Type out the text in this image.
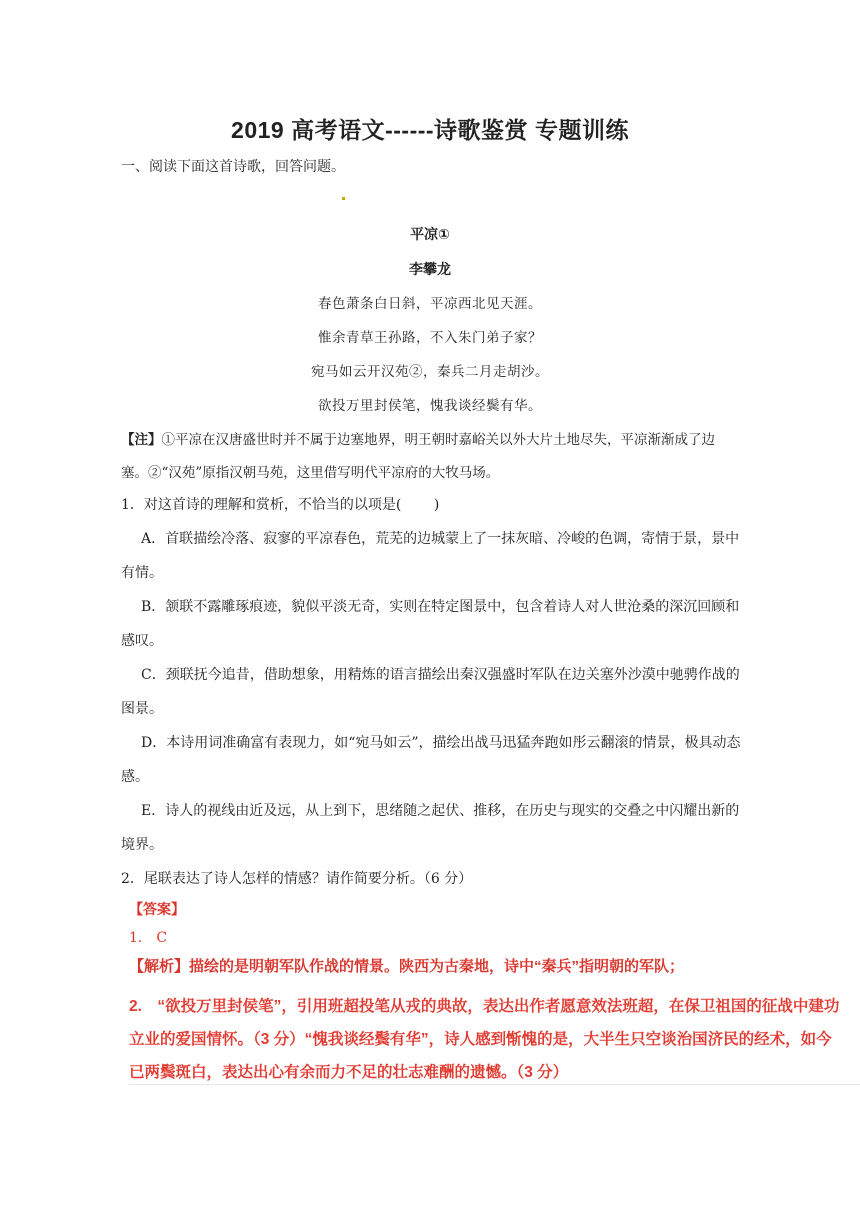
2019 高考语文------诗歌鉴赏 专题训练
一、阅读下面这首诗歌，回答问题。
平凉①
李攀龙
春色萧条白日斜，平凉西北见天涯。
惟余青草王孙路，不入朱门弟子家？
宛马如云开汉苑②，秦兵二月走胡沙。
欲投万里封侯笔，愧我谈经鬓有华。
【注】①平凉在汉唐盛世时并不属于边塞地界，明王朝时嘉峪关以外大片土地尽失，平凉渐渐成了边塞。②“汉苑”原指汉朝马苑，这里借写明代平凉府的大牧马场。
1．对这首诗的理解和赏析，不恰当的以项是(　　 )
A．首联描绘冷落、寂寥的平凉春色，荒芜的边城蒙上了一抹灰暗、冷峻的色调，寄情于景，景中有情。
B．颔联不露雕琢痕迹，貌似平淡无奇，实则在特定图景中，包含着诗人对人世沧桑的深沉回顾和感叹。
C．颈联抚今追昔，借助想象，用精炼的语言描绘出秦汉强盛时军队在边关塞外沙漠中驰骋作战的图景。
D．本诗用词准确富有表现力，如“宛马如云”，描绘出战马迅猛奔跑如彤云翻滚的情景，极具动态感。
E．诗人的视线由近及远，从上到下，思绪随之起伏、推移，在历史与现实的交叠之中闪耀出新的境界。
2．尾联表达了诗人怎样的情感？请作简要分析。（6 分）
【答案】
1.　C
【解析】描绘的是明朝军队作战的情景。陕西为古秦地，诗中“秦兵”指明朝的军队；
2.　“欲投万里封侯笔”，引用班超投笔从戎的典故，表达出作者愿意效法班超，在保卫祖国的征战中建功立业的爱国情怀。（3 分）“愧我谈经鬓有华”，诗人感到惭愧的是，大半生只空谈治国济民的经术，如今已两鬓斑白，表达出心有余而力不足的壮志难酬的遗憾。（3 分）
